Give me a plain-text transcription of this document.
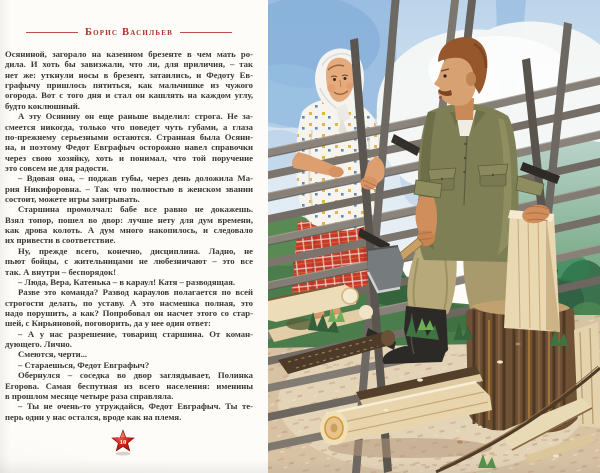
Борис Васильев
Осяниной, загорало на казенном брезенте в чем мать ро-
дила. И хоть бы завизжали, что ли, для приличия, – так
нет же: уткнули носы в брезент, затаились, и Федоту Ев-
графычу пришлось пятиться, как мальчишке из чужого
огорода. Вот с того дня и стал он кашлять на каждом углу,
будто коклюшный.
А эту Осянину он еще раньше выделил: строга. Не за-
смеется никогда, только что поведет чуть губами, а глаза
по-прежнему серьезными остаются. Странная была Осяни-
на, и поэтому Федот Евграфыч осторожно навел справочки
через свою хозяйку, хоть и понимал, что той поручение
это совсем не для радости.
– Вдовая она, – поджав губы, через день доложила Ма-
рия Никифоровна. – Так что полностью в женском звании
состоит, можете игры заигрывать.
Старшина промолчал: бабе все равно не докажешь.
Взял топор, пошел во двор: лучше нету для дум времени,
как дрова колоть. А дум много накопилось, и следовало
их привести в соответствие.
Ну, прежде всего, конечно, дисциплина. Ладно, не
пьют бойцы, с жительницами не любезничают – это все
так. А внутри – беспорядок!
– Люда, Вера, Катенька – в караул! Катя – разводящая.
Разве это команда? Развод караулов полагается по всей
строгости делать, по уставу. А это насмешка полная, это
надо порушить, а как? Попробовал он насчет этого со стар-
шей, с Кирьяновой, поговорить, да у нее один ответ:
– А у нас разрешение, товарищ старшина. От коман-
дующего. Лично.
Смеются, черти...
– Стараешься, Федот Евграфыч?
Обернулся – соседка во двор заглядывает, Полинка
Егорова. Самая беспутная из всего населения: именины
в прошлом месяце четыре раза справляла.
– Ты не очень-то утруждайся, Федот Евграфыч. Ты те-
перь один у нас остался, вроде как на племя.
10
